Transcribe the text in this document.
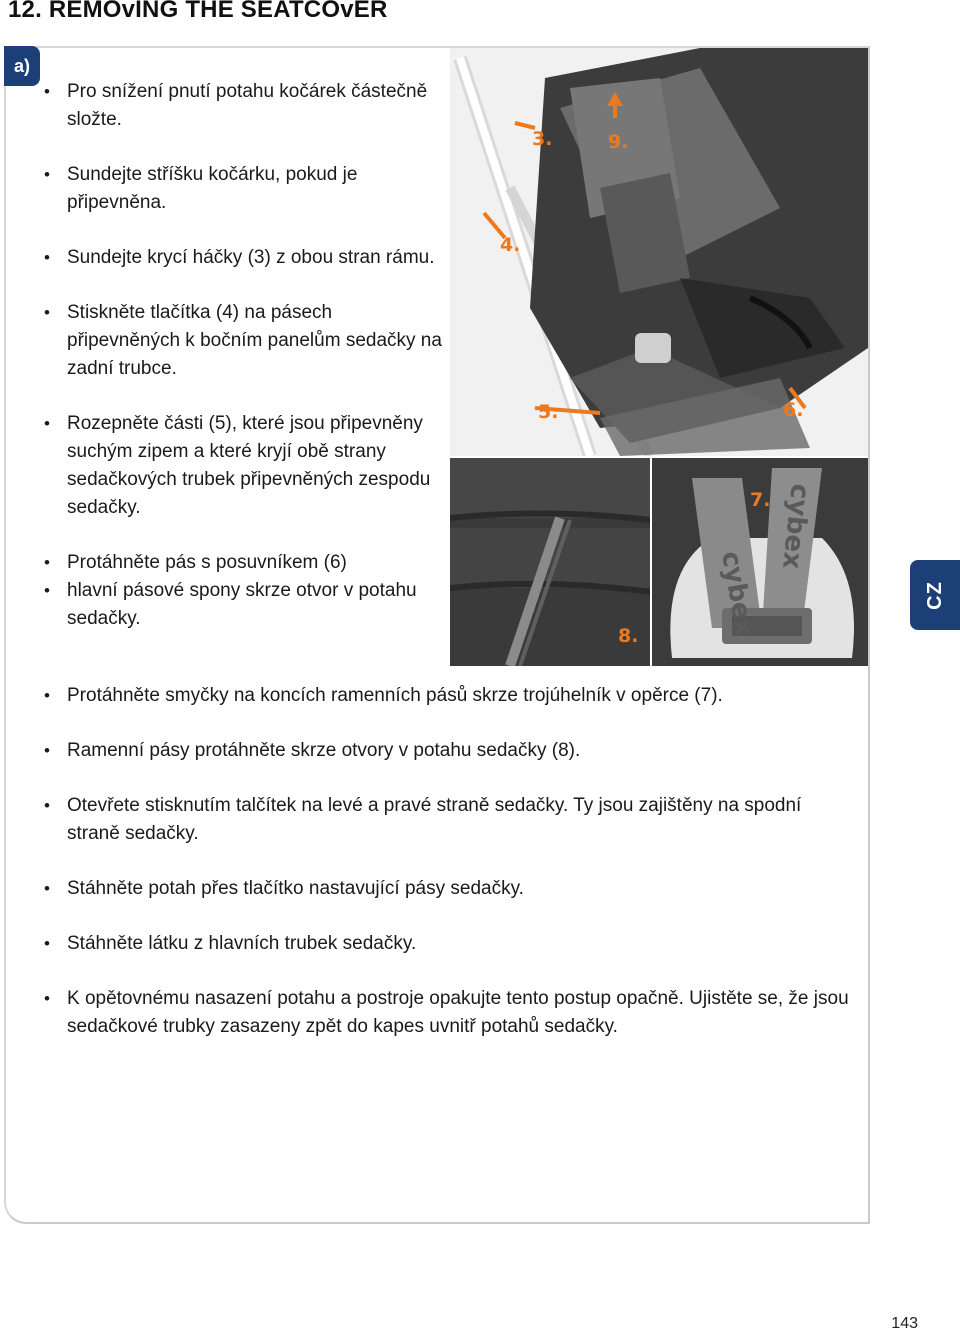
12. REMOvING THE SEATCOvER
a)
CZ
• Pro snížení pnutí potahu kočárek částečně složte.
• Sundejte stříšku kočárku, pokud je připevněna.
• Sundejte krycí háčky (3) z obou stran rámu.
• Stiskněte tlačítka (4) na pásech připevněných k bočním panelům sedačky na zadní trubce.
• Rozepněte části (5), které jsou připevněny suchým zipem a které kryjí obě strany sedačkových trubek připevněných zespodu sedačky.
• Protáhněte pás s posuvníkem (6)
• hlavní pásové spony skrze otvor v potahu sedačky.
3.	9.
4.
5.	6.
8.	cybex
cybex
7.
• Protáhněte smyčky na koncích ramenních pásů skrze trojúhelník v opěrce (7).
• Ramenní pásy protáhněte skrze otvory v potahu sedačky (8).
• Otevřete stisknutím talčítek na levé a pravé straně sedačky. Ty jsou zajištěny na spodní straně sedačky.
• Stáhněte potah přes tlačítko nastavující pásy sedačky.
• Stáhněte látku z hlavních trubek sedačky.
• K opětovnému nasazení potahu a postroje opakujte tento postup opačně. Ujistěte se, že jsou sedačkové trubky zasazeny zpět do kapes uvnitř potahů sedačky.
143
